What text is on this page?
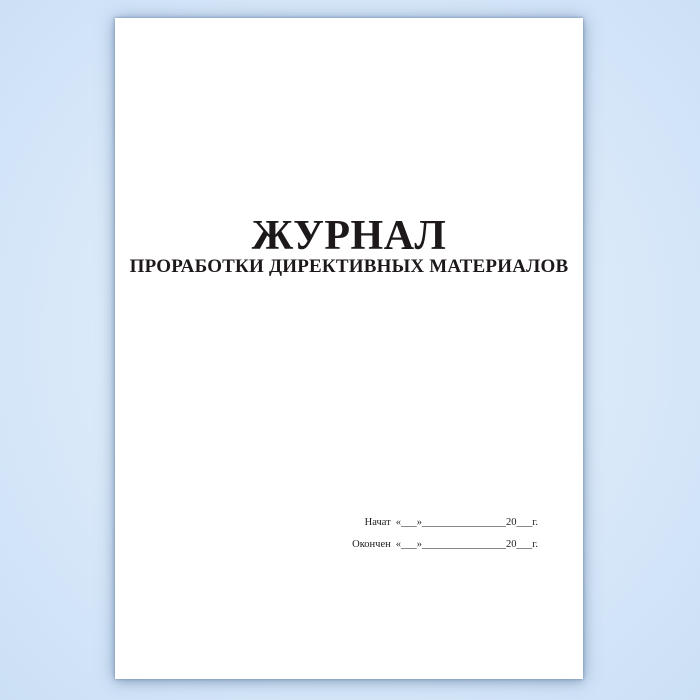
ЖУРНАЛ
ПРОРАБОТКИ ДИРЕКТИВНЫХ МАТЕРИАЛОВ
Начат «___»________________20___г.
Окончен «___»________________20___г.
